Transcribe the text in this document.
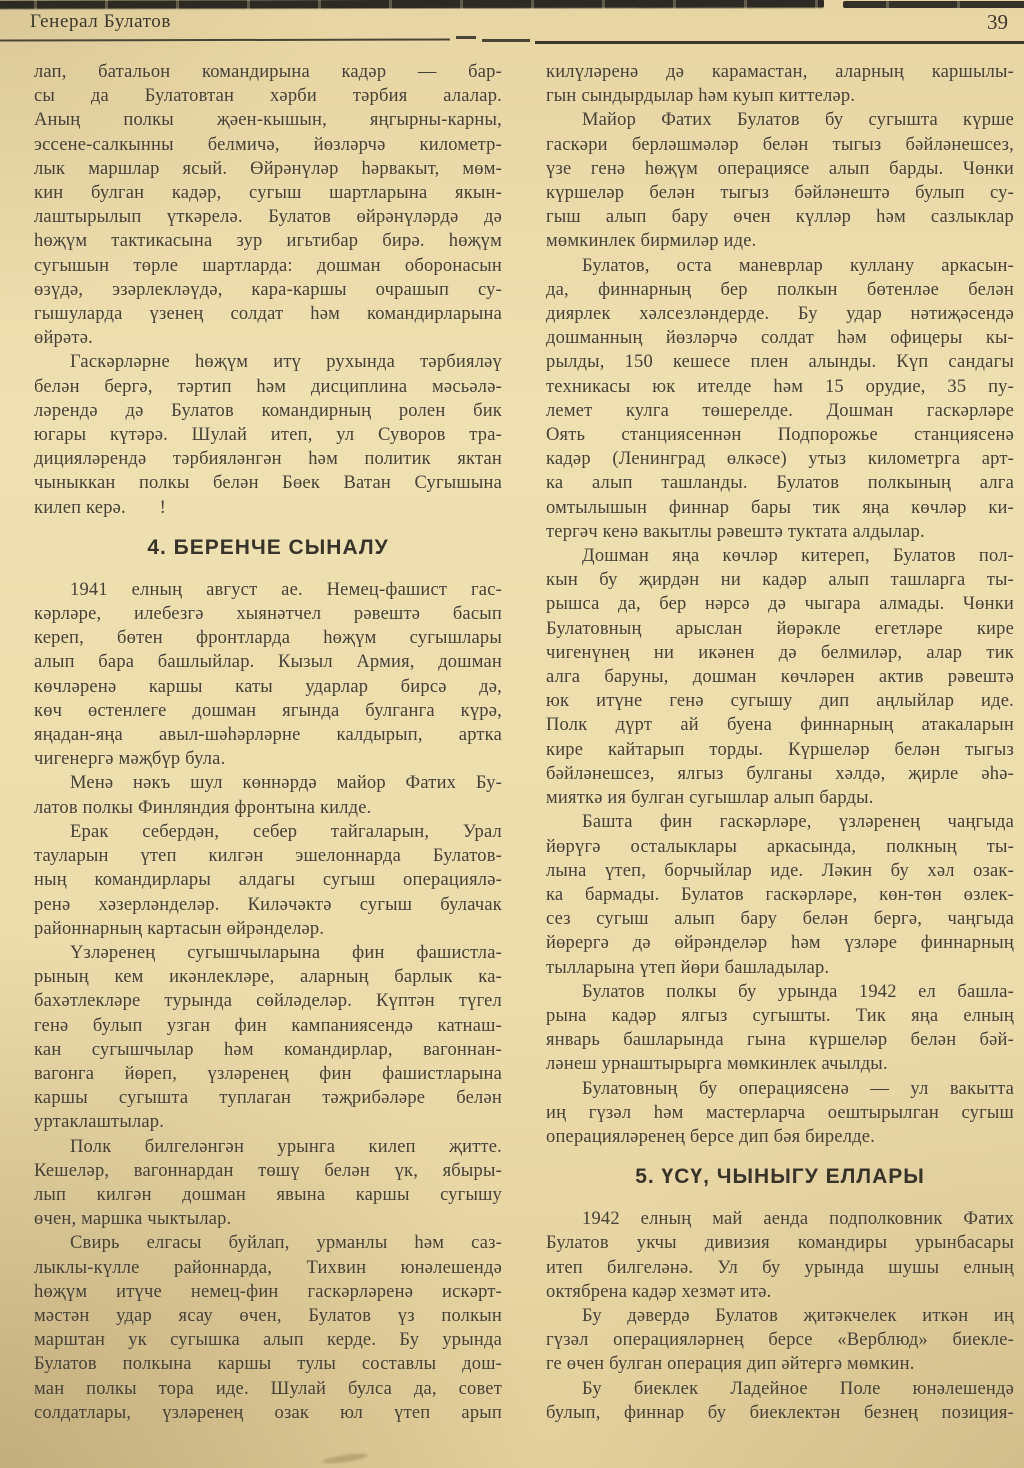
Генерал Булатов	39
лап, батальон командирына кадәр — бар-
сы да Булатовтан хәрби тәрбия алалар.
Аның полкы җәен-кышын, яңгырны-карны,
эссене-салкынны белмичә, йөзләрчә километр-
лык маршлар ясый. Өйрәнүләр һәрвакыт, мөм-
кин булган кадәр, сугыш шартларына якын-
лаштырылып үткәрелә. Булатов өйрәнүләрдә дә
һөҗүм тактикасына зур игьтибар бирә. һөҗүм
сугышын төрле шартларда: дошман оборонасын
өзүдә, эзәрлекләүдә, кара-каршы очрашып су-
гышуларда үзенең солдат һәм командирларына
өйрәтә.
Гаскәрләрне һөҗүм итү рухында тәрбияләү
белән бергә, тәртип һәм дисциплина мәсьәлә-
ләрендә дә Булатов командирның ролен бик
югары күтәрә. Шулай итеп, ул Суворов тра-
дицияләрендә тәрбияләнгән һәм политик яктан
чыныккан полкы белән Бөек Ватан Сугышына
килеп керә.       !
4. БЕРЕНЧЕ СЫНАЛУ
1941 елның август ае. Немец-фашист гас-
кәрләре, илебезгә хыянәтчел рәвештә басып
кереп, бөтен фронтларда һөҗүм сугышлары
алып бара башлыйлар. Кызыл Армия, дошман
көчләренә каршы каты ударлар бирсә дә,
көч өстенлеге дошман ягында булганга күрә,
яңадан-яңа авыл-шәһәрләрне калдырып, артка
чигенергә мәҗбүр була.
Менә нәкъ шул көннәрдә майор Фатих Бу-
латов полкы Финляндия фронтына килде.
Ерак себердән, себер тайгаларын, Урал
тауларын үтеп килгән эшелоннарда Булатов-
ның командирлары алдагы сугыш операциялә-
ренә хәзерләнделәр. Киләчәктә сугыш булачак
районнарның картасын өйрәнделәр.
Үзләренең сугышчыларына фин фашистла-
рының кем икәнлекләре, аларның барлык ка-
бахәтлекләре турында сөйләделәр. Күптән түгел
генә булып узган фин кампаниясендә катнаш-
кан сугышчылар һәм командирлар, вагоннан-
вагонга йөреп, үзләренең фин фашистларына
каршы сугышта туплаган тәҗрибәләре белән
уртаклаштылар.
Полк билгеләнгән урынга килеп җитте.
Кешеләр, вагоннардан төшү белән үк, ябыры-
лып килгән дошман явына каршы сугышу
өчен, маршка чыктылар.
Свирь елгасы буйлап, урманлы һәм саз-
лыклы-күлле районнарда, Тихвин юнәлешендә
һөҗүм итүче немец-фин гаскәрләренә искәрт-
мәстән удар ясау өчен, Булатов үз полкын
марштан ук сугышка алып керде. Бу урында
Булатов полкына каршы тулы составлы дош-
ман полкы тора иде. Шулай булса да, совет
солдатлары, үзләренең озак юл үтеп арып
килүләренә дә карамастан, аларның каршылы-
гын сындырдылар һәм куып киттеләр.
Майор Фатих Булатов бу сугышта күрше
гаскәри берләшмәләр белән тыгыз бәйләнешсез,
үзе генә һөҗүм операциясе алып барды. Чөнки
күршеләр белән тыгыз бәйләнештә булып су-
гыш алып бару өчен күлләр һәм сазлыклар
мөмкинлек бирмиләр иде.
Булатов, оста маневрлар куллану аркасын-
да, финнарның бер полкын бөтенләе белән
диярлек хәлсезләндерде. Бу удар нәтиҗәсендә
дошманның йөзләрчә солдат һәм офицеры кы-
рылды, 150 кешесе плен алынды. Күп сандагы
техникасы юк ителде һәм 15 орудие, 35 пу-
лемет кулга төшерелде. Дошман гаскәрләре
Оять станциясеннән Подпорожье станциясенә
кадәр (Ленинград өлкәсе) утыз километрга арт-
ка алып ташланды. Булатов полкының алга
омтылышын финнар бары тик яңа көчләр ки-
тергәч кенә вакытлы рәвештә туктата алдылар.
Дошман яңа көчләр китереп, Булатов пол-
кын бу җирдән ни кадәр алып ташларга ты-
рышса да, бер нәрсә дә чыгара алмады. Чөнки
Булатовның арыслан йөрәкле егетләре кире
чигенүнең ни икәнен дә белмиләр, алар тик
алга баруны, дошман көчләрен актив рәвештә
юк итүне генә сугышу дип аңлыйлар иде.
Полк дүрт ай буена финнарның атакаларын
кире кайтарып торды. Күршеләр белән тыгыз
бәйләнешсез, ялгыз булганы хәлдә, җирле әһә-
мияткә ия булган сугышлар алып барды.
Башта фин гаскәрләре, үзләренең чаңгыда
йөрүгә осталыклары аркасында, полкның ты-
лына үтеп, борчыйлар иде. Ләкин бу хәл озак-
ка бармады. Булатов гаскәрләре, көн-төн өзлек-
сез сугыш алып бару белән бергә, чаңгыда
йөрергә дә өйрәнделәр һәм үзләре финнарның
тылларына үтеп йөри башладылар.
Булатов полкы бу урында 1942 ел башла-
рына кадәр ялгыз сугышты. Тик яңа елның
январь башларында гына күршеләр белән бәй-
ләнеш урнаштырырга мөмкинлек ачылды.
Булатовның бу операциясенә — ул вакытта
иң гүзәл һәм мастерларча оештырылган сугыш
операцияләренең берсе дип бәя бирелде.
5. ҮСҮ, ЧЫНЫГУ ЕЛЛАРЫ
1942 елның май аенда подполковник Фатих
Булатов укчы дивизия командиры урынбасары
итеп билгеләнә. Ул бу урында шушы елның
октябрена кадәр хезмәт итә.
Бу дәвердә Булатов җитәкчелек иткән иң
гүзәл операцияләрнең берсе «Верблюд» биекле-
ге өчен булган операция дип әйтергә мөмкин.
Бу биеклек Ладейное Поле юнәлешендә
булып, финнар бу биеклектән безнең позиция-
